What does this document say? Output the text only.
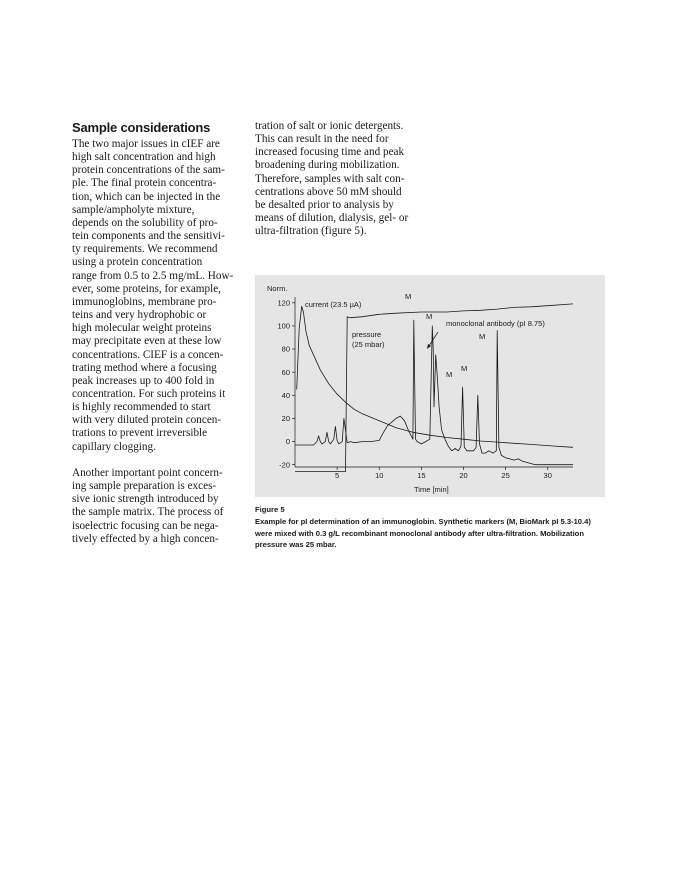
Sample considerations

The two major issues in cIEF are
high salt concentration and high
protein concentrations of the sam-
ple. The final protein concentra-
tion, which can be injected in the
sample/ampholyte mixture,
depends on the solubility of pro-
tein components and the sensitivi-
ty requirements. We recommend
using a protein concentration
range from 0.5 to 2.5 mg/mL. How-
ever, some proteins, for example,
immunoglobins, membrane pro-
teins and very hydrophobic or
high molecular weight proteins
may precipitate even at these low
concentrations. CIEF is a concen-
trating method where a focusing
peak increases up to 400 fold in
concentration. For such proteins it
is highly recommended to start
with very diluted protein concen-
trations to prevent irreversible
capillary clogging.

Another important point concern-
ing sample preparation is exces-
sive ionic strength introduced by
the sample matrix. The process of
isoelectric focusing can be nega-
tively effected by a high concen-

tration of salt or ionic detergents.
This can result in the need for
increased focusing time and peak
broadening during mobilization.
Therefore, samples with salt con-
centrations above 50 mM should
be desalted prior to analysis by
means of dilution, dialysis, gel- or
ultra-filtration (figure 5).

-20
0
20
40
60
80
100
120
5	10	15	20	25	30
Norm.
Time [min]
current (23.5 µA)
pressure
(25 mbar)
M
M
monoclonal antibody (pI 8.75)
M
M
M
Figure 5
Example for pI determination of an immunoglobin. Synthetic markers (M, BioMark pI 5.3-10.4)
were mixed with 0.3 g/L recombinant monoclonal antibody after ultra-filtration. Mobilization
pressure was 25 mbar.
